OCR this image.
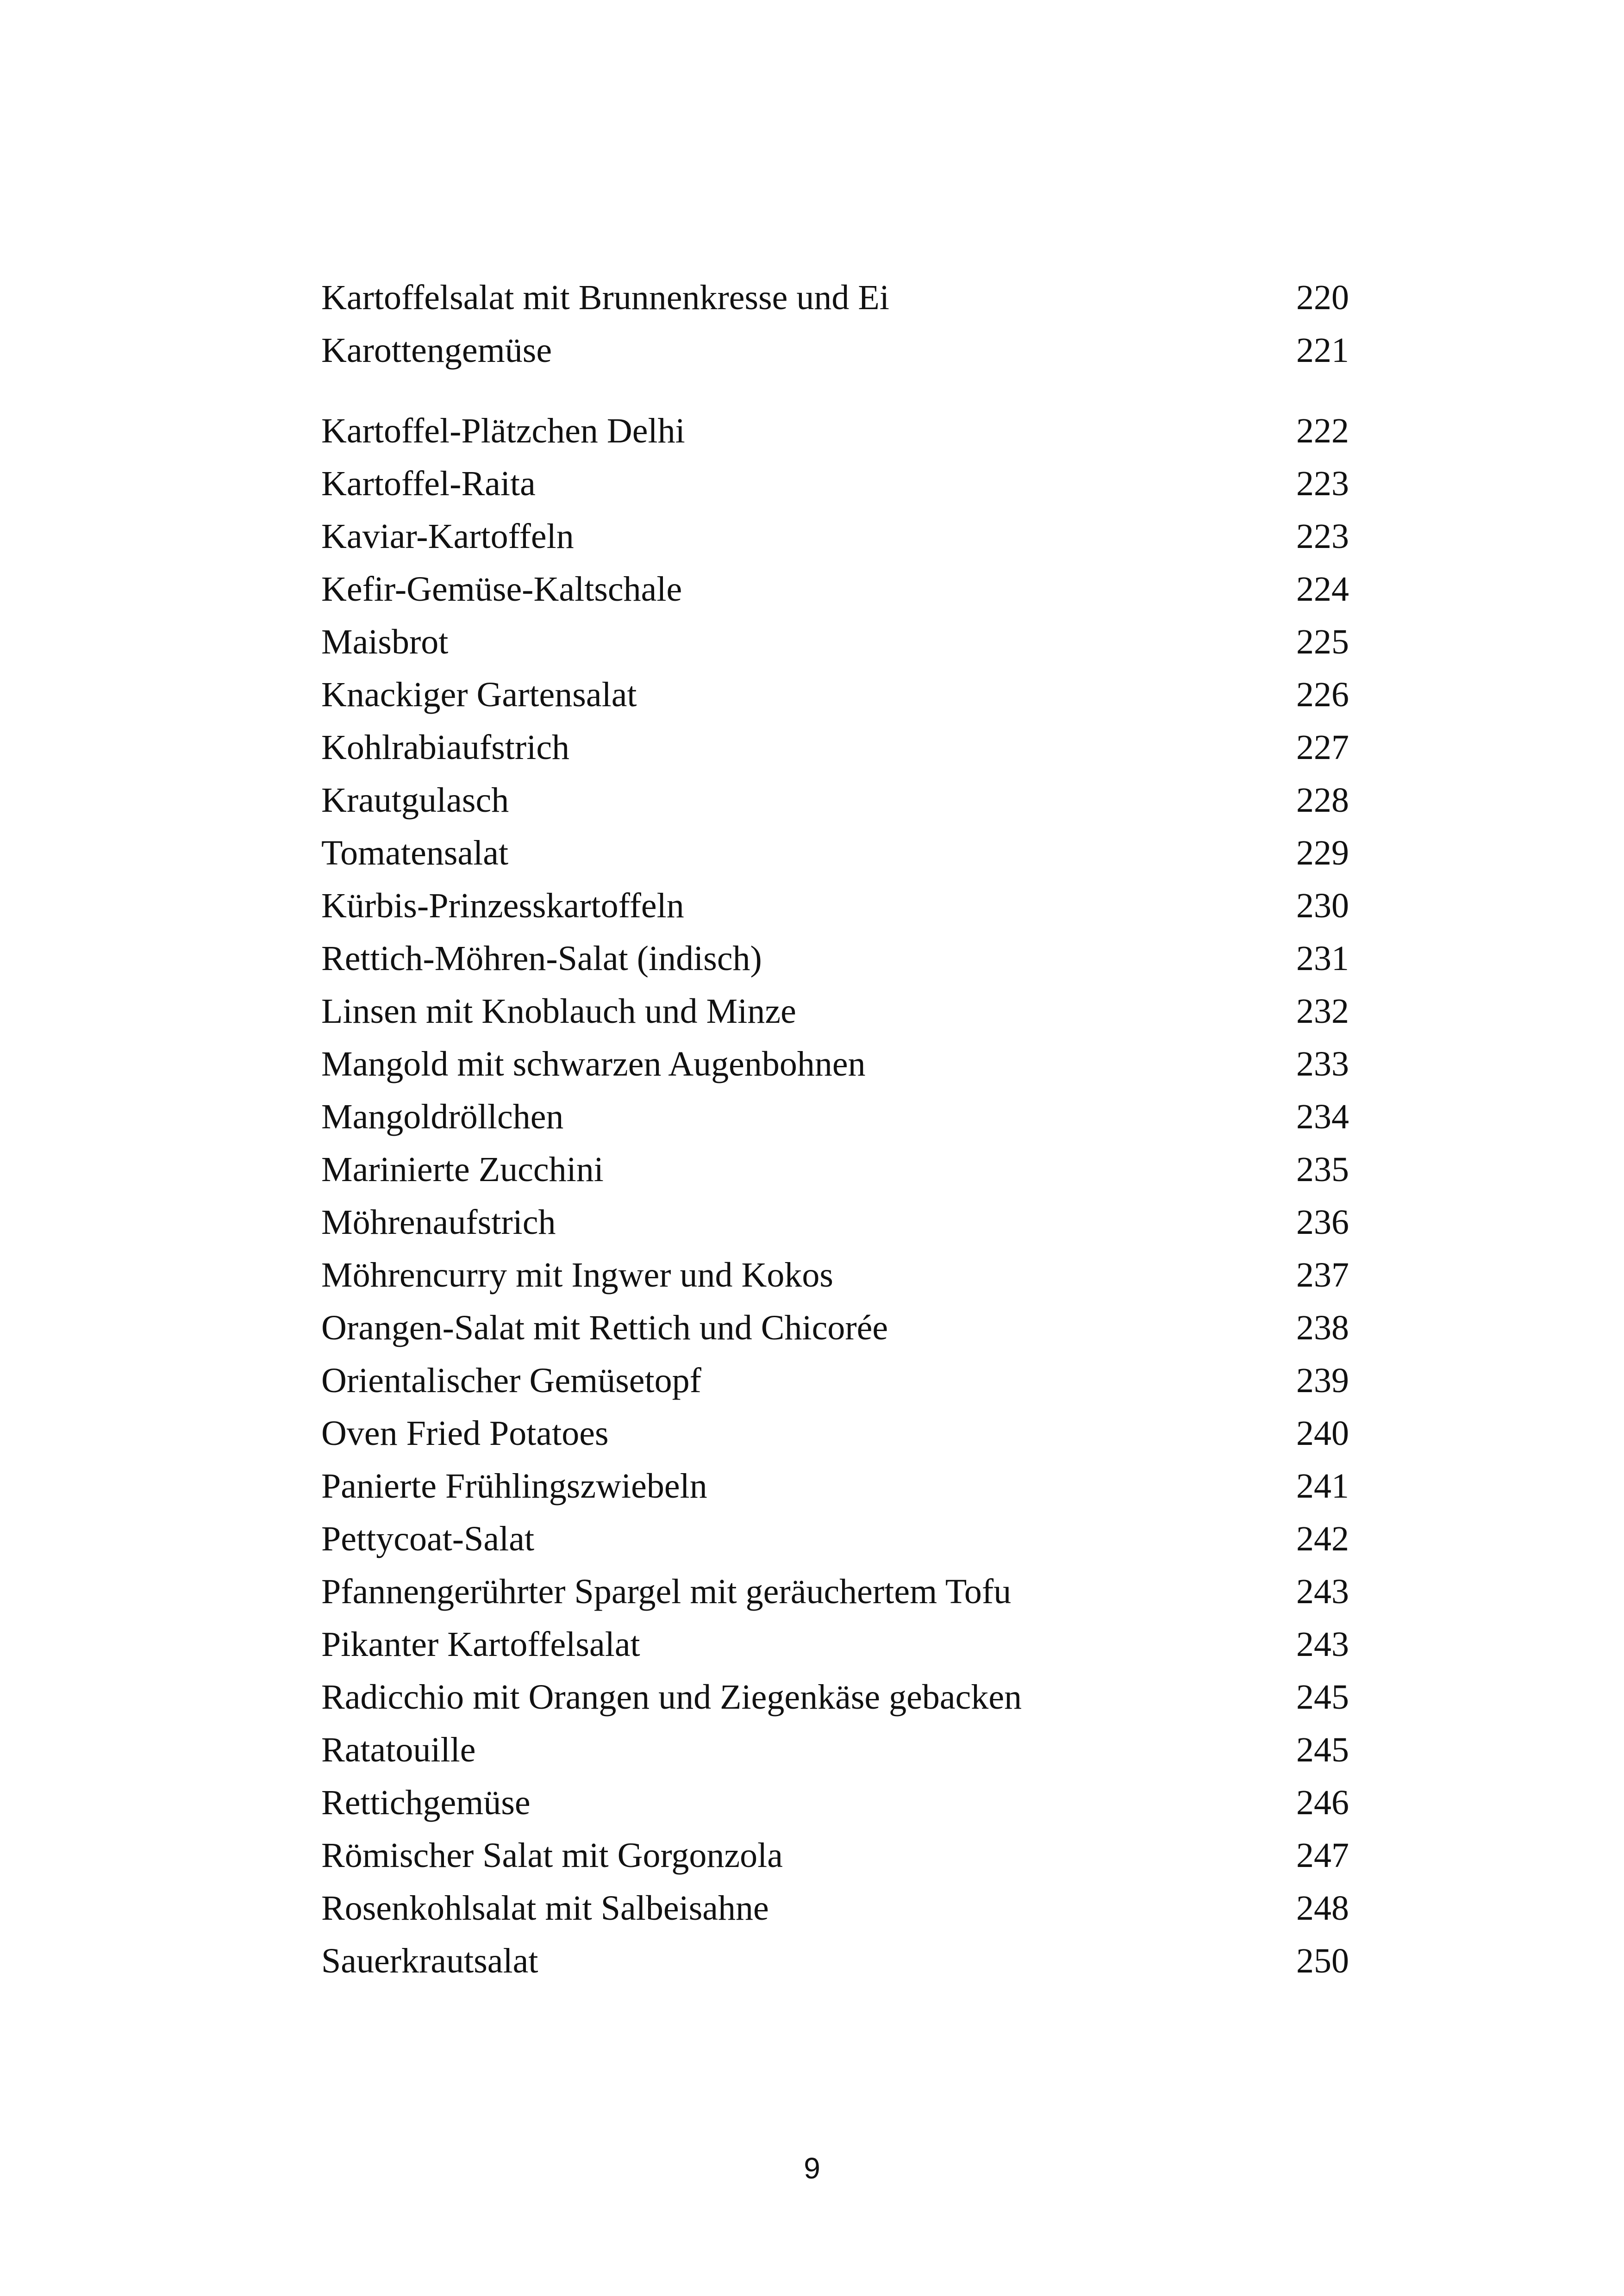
Kartoffelsalat mit Brunnenkresse und Ei	220
Karottengemüse	221
Kartoffel-Plätzchen Delhi	222
Kartoffel-Raita	223
Kaviar-Kartoffeln	223
Kefir-Gemüse-Kaltschale	224
Maisbrot	225
Knackiger Gartensalat	226
Kohlrabiaufstrich	227
Krautgulasch	228
Tomatensalat	229
Kürbis-Prinzesskartoffeln	230
Rettich-Möhren-Salat (indisch)	231
Linsen mit Knoblauch und Minze	232
Mangold mit schwarzen Augenbohnen	233
Mangoldröllchen	234
Marinierte Zucchini	235
Möhrenaufstrich	236
Möhrencurry mit Ingwer und Kokos	237
Orangen-Salat mit Rettich und Chicorée	238
Orientalischer Gemüsetopf	239
Oven Fried Potatoes	240
Panierte Frühlingszwiebeln	241
Pettycoat-Salat	242
Pfannengerührter Spargel mit geräuchertem Tofu	243
Pikanter Kartoffelsalat	243
Radicchio mit Orangen und Ziegenkäse gebacken	245
Ratatouille	245
Rettichgemüse	246
Römischer Salat mit Gorgonzola	247
Rosenkohlsalat mit Salbeisahne	248
Sauerkrautsalat	250
9
